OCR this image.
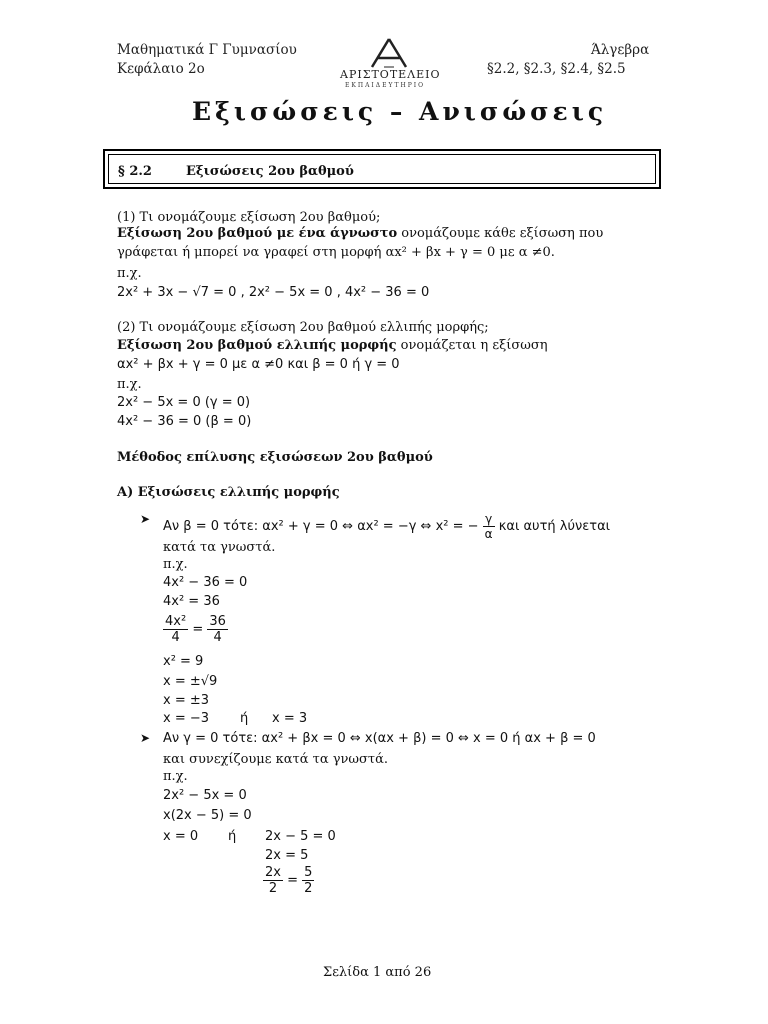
Μαθηματικά Γ Γυμνασίου
Κεφάλαιο 2ο
Άλγεβρα
§2.2, §2.3, §2.4, §2.5
ΑΡΙΣΤΟΤΕΛΕΙΟ
ΕΚΠΑΙΔΕΥΤΗΡΙΟ
Εξισώσεις – Ανισώσεις
§ 2.2	Εξισώσεις 2ου βαθμού
(1) Τι ονομάζουμε εξίσωση 2ου βαθμού;
Εξίσωση 2ου βαθμού με ένα άγνωστο ονομάζουμε κάθε εξίσωση που
γράφεται ή μπορεί να γραφεί στη μορφή αx² + βx + γ = 0 με α ≠0.
π.χ.
2x² + 3x − √7 = 0 , 2x² − 5x = 0 , 4x² − 36 = 0
(2) Τι ονομάζουμε εξίσωση 2ου βαθμού ελλιπής μορφής;
Εξίσωση 2ου βαθμού ελλιπής μορφής ονομάζεται η εξίσωση
αx² + βx + γ = 0 με α ≠0 και β = 0 ή γ = 0
π.χ.
2x² − 5x = 0 (γ = 0)
4x² − 36 = 0 (β = 0)
Μέθοδος επίλυσης εξισώσεων 2ου βαθμού
Α) Εξισώσεις ελλιπής μορφής
➤ Αν β = 0 τότε: αx² + γ = 0 ⇔ αx² = −γ ⇔ x² = − $\frac{\gamma}{\alpha}$ και αυτή λύνεται
κατά τα γνωστά.
π.χ.
4x² − 36 = 0
4x² = 36
$\frac{\text{4x²}}{4} = \frac{36}{4}$
x² = 9
x = ±√9
x = ±3
x = −3 ή x = 3
➤ Αν γ = 0 τότε: αx² + βx = 0 ⇔ x(αx + β) = 0 ⇔ x = 0 ή αx + β = 0
και συνεχίζουμε κατά τα γνωστά.
π.χ.
2x² − 5x = 0
x(2x − 5) = 0
x = 0 ή 2x − 5 = 0
2x = 5
$\frac{2x}{2} = \frac{5}{2}$
Σελίδα 1 από 26
